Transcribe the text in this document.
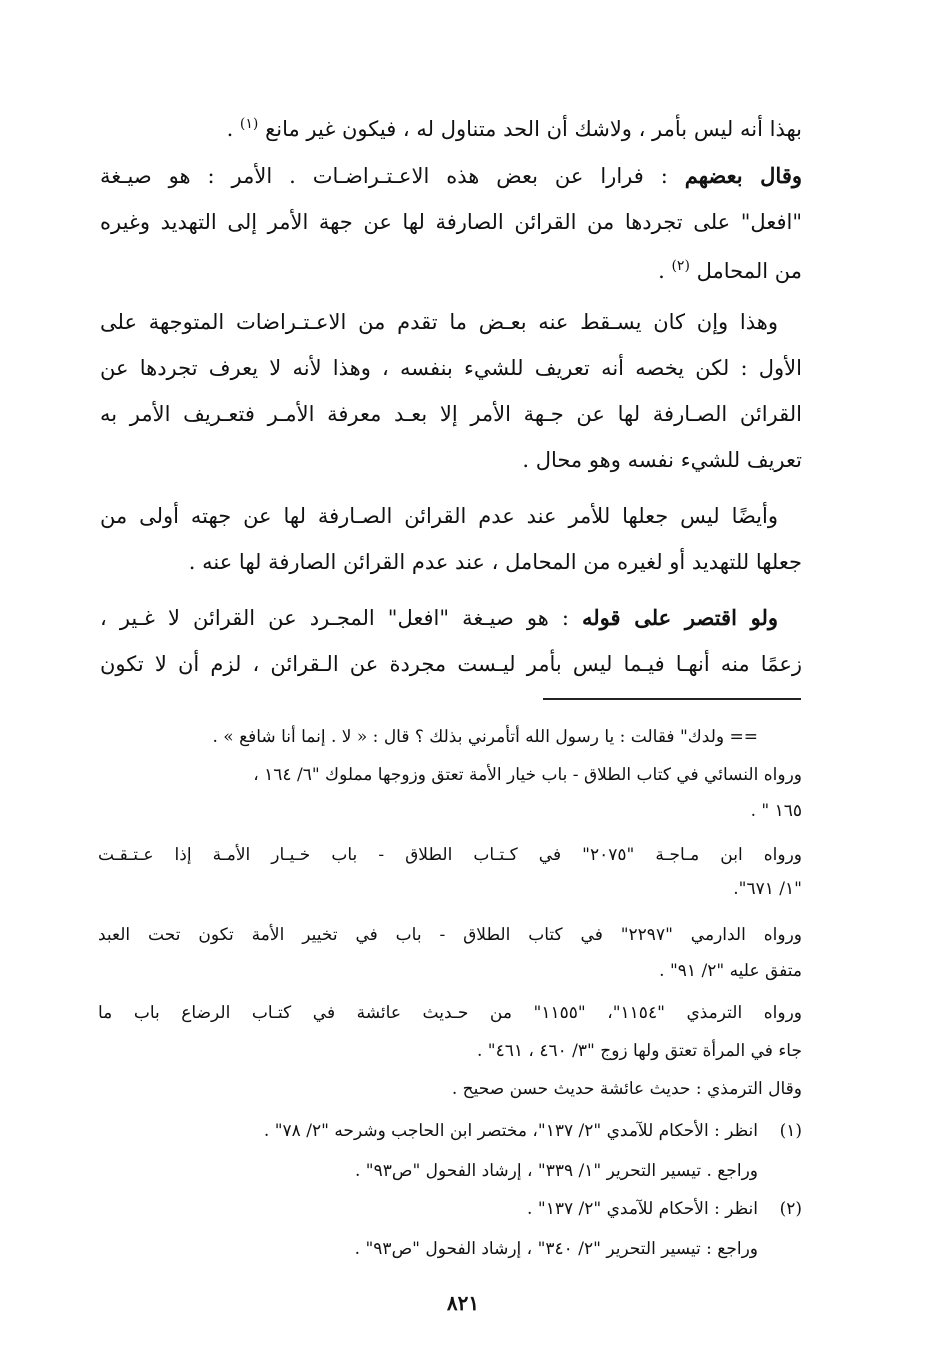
بهذا أنه ليس بأمر ، ولاشك أن الحد متناول له ، فيكون غير مانع $^{(١)}$ .
وقال بعضهم : فرارا عن بعض هذه الاعـتـراضـات . الأمر : هو صيـغة
"افعل" على تجردها من القرائن الصارفة لها عن جهة الأمر إلى التهديد وغيره
من المحامل $^{(٢)}$ .
وهذا وإن كان يسـقط عنه بعـض ما تقدم من الاعـتـراضات المتوجهة على
الأول : لكن يخصه أنه تعريف للشيء بنفسه ، وهذا لأنه لا يعرف تجردها عن
القرائن الصـارفة لها عن جـهة الأمر إلا بعـد معرفة الأمـر فتعـريف الأمر به
تعريف للشيء نفسه وهو محال .
وأيضًا ليس جعلها للأمر عند عدم القرائن الصـارفة لها عن جهته أولى من
جعلها للتهديد أو لغيره من المحامل ، عند عدم القرائن الصارفة لها عنه .
ولو اقتصر على قوله : هو صيـغة "افعل" المجـرد عن القرائن لا غـير ،
زعمًا منه أنهـا فيـما ليس بأمر ليـست مجردة عن الـقرائن ، لزم أن لا تكون
== ولدك" فقالت : يا رسول الله أتأمرني بذلك ؟ قال : « لا . إنما أنا شافع » .
ورواه النسائي في كتاب الطلاق - باب خيار الأمة تعتق وزوجها مملوك "٦/ ١٦٤ ،
١٦٥ " .
ورواه ابن مـاجـة "٢٠٧٥" في كـتـاب الطلاق - باب خـيـار الأمـة إذا عـتـقـت
"١/ ٦٧١".
ورواه الدارمي "٢٢٩٧" في كتاب الطلاق - باب في تخيير الأمة تكون تحت العبد
متفق عليه "٢/ ٩١" .
ورواه الترمذي "١١٥٤"، "١١٥٥" من حـديث عائشة في كتـاب الرضاع باب ما
جاء في المرأة تعتق ولها زوج "٣/ ٤٦٠ ، ٤٦١" .
وقال الترمذي : حديث عائشة حديث حسن صحيح .
(١)انظر : الأحكام للآمدي "٢/ ١٣٧"، مختصر ابن الحاجب وشرحه "٢/ ٧٨" .
وراجع . تيسير التحرير "١/ ٣٣٩" ، إرشاد الفحول "ص٩٣" .
(٢)انظر : الأحكام للآمدي "٢/ ١٣٧" .
وراجع : تيسير التحرير "٢/ ٣٤٠" ، إرشاد الفحول "ص٩٣" .
٨٢١
